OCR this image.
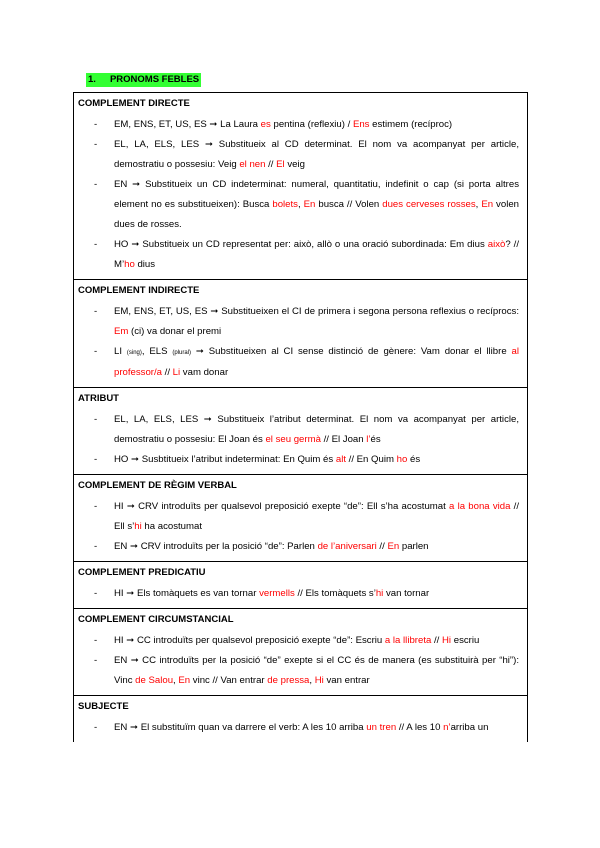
1. PRONOMS FEBLES
COMPLEMENT DIRECTE
- EM, ENS, ET, US, ES ➞ La Laura es pentina (reflexiu) / Ens estimem (recíproc)
- EL, LA, ELS, LES ➞ Substitueix al CD determinat. El nom va acompanyat per article, demostratiu o possesiu: Veig el nen // El veig
- EN ➞ Substitueix un CD indeterminat: numeral, quantitatiu, indefinit o cap (si porta altres element no es substitueixen): Busca bolets, En busca // Volen dues cerveses rosses, En volen dues de rosses.
- HO ➞ Substitueix un CD representat per: això, allò o una oració subordinada: Em dius això? // M’ho dius
COMPLEMENT INDIRECTE
- EM, ENS, ET, US, ES ➞ Substitueixen el CI de primera i segona persona reflexius o recíprocs: Em (ci) va donar el premi
- LI (sing), ELS (plural) ➞ Substitueixen al CI sense distinció de gènere: Vam donar el llibre al professor/a // Li vam donar
ATRIBUT
- EL, LA, ELS, LES ➞ Substitueix l’atribut determinat. El nom va acompanyat per article, demostratiu o possesiu: El Joan és el seu germà // El Joan l’és
- HO ➞ Susbtitueix l’atribut indeterminat: En Quim és alt // En Quim ho és
COMPLEMENT DE RÈGIM VERBAL
- HI ➞ CRV introduïts per qualsevol preposició exepte “de”: Ell s’ha acostumat a la bona vida // Ell s’hi ha acostumat
- EN ➞ CRV introduïts per la posició “de”: Parlen de l’aniversari // En parlen
COMPLEMENT PREDICATIU
- HI ➞ Els tomàquets es van tornar vermells // Els tomàquets s’hi van tornar
COMPLEMENT CIRCUMSTANCIAL
- HI ➞ CC introduïts per qualsevol preposició exepte “de”: Escriu a la llibreta // Hi escriu
- EN ➞ CC introduïts per la posició “de” exepte si el CC és de manera (es substituirà per “hi”): Vinc de Salou, En vinc // Van entrar de pressa, Hi van entrar
SUBJECTE
- EN ➞ El substituïm quan va darrere el verb: A les 10 arriba un tren // A les 10 n’arriba un
